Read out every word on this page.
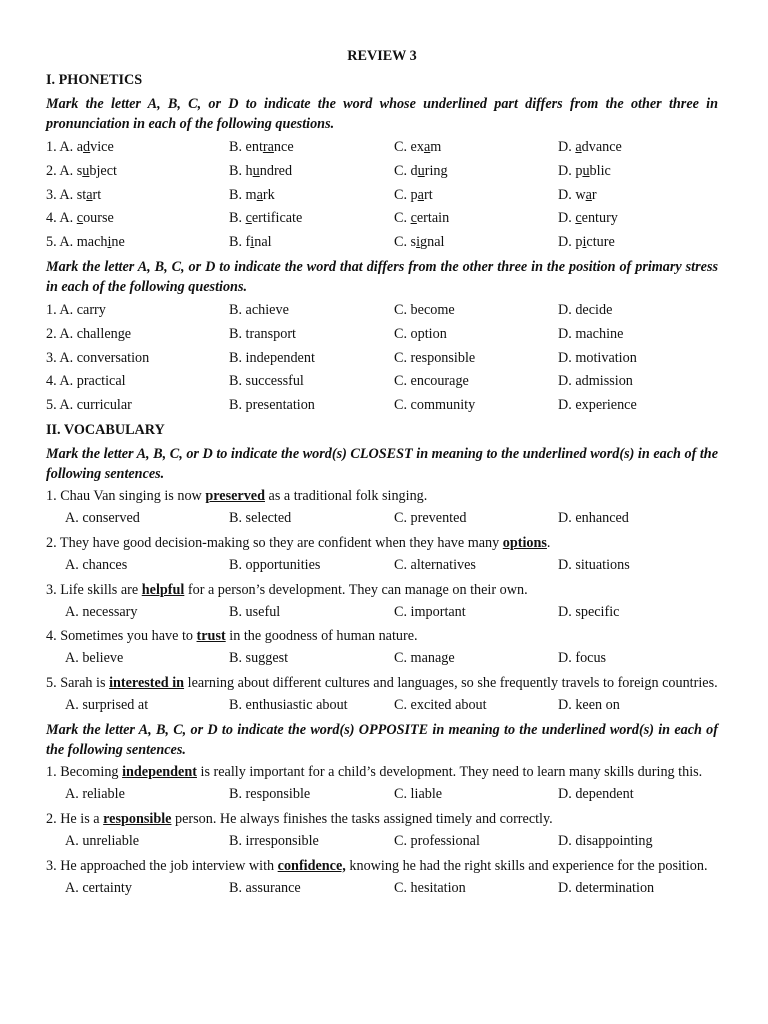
REVIEW 3
I. PHONETICS
Mark the letter A, B, C, or D to indicate the word whose underlined part differs from the other three in pronunciation in each of the following questions.
1. A. advice	B. entrance	C. exam	D. advance
2. A. subject	B. hundred	C. during	D. public
3. A. start	B. mark	C. part	D. war
4. A. course	B. certificate	C. certain	D. century
5. A. machine	B. final	C. signal	D. picture
Mark the letter A, B, C, or D to indicate the word that differs from the other three in the position of primary stress in each of the following questions.
1. A. carry	B. achieve	C. become	D. decide
2. A. challenge	B. transport	C. option	D. machine
3. A. conversation	B. independent	C. responsible	D. motivation
4. A. practical	B. successful	C. encourage	D. admission
5. A. curricular	B. presentation	C. community	D. experience
II. VOCABULARY
Mark the letter A, B, C, or D to indicate the word(s) CLOSEST in meaning to the underlined word(s) in each of the following sentences.
1. Chau Van singing is now preserved as a traditional folk singing.
A. conserved	B. selected	C. prevented	D. enhanced
2. They have good decision-making so they are confident when they have many options.
A. chances	B. opportunities	C. alternatives	D. situations
3. Life skills are helpful for a person’s development. They can manage on their own.
A. necessary	B. useful	C. important	D. specific
4. Sometimes you have to trust in the goodness of human nature.
A. believe	B. suggest	C. manage	D. focus
5. Sarah is interested in learning about different cultures and languages, so she frequently travels to foreign countries.
A. surprised at	B. enthusiastic about	C. excited about	D. keen on
Mark the letter A, B, C, or D to indicate the word(s) OPPOSITE in meaning to the underlined word(s) in each of the following sentences.
1. Becoming independent is really important for a child’s development. They need to learn many skills during this.
A. reliable	B. responsible	C. liable	D. dependent
2. He is a responsible person. He always finishes the tasks assigned timely and correctly.
A. unreliable	B. irresponsible	C. professional	D. disappointing
3. He approached the job interview with confidence, knowing he had the right skills and experience for the position.
A. certainty	B. assurance	C. hesitation	D. determination
